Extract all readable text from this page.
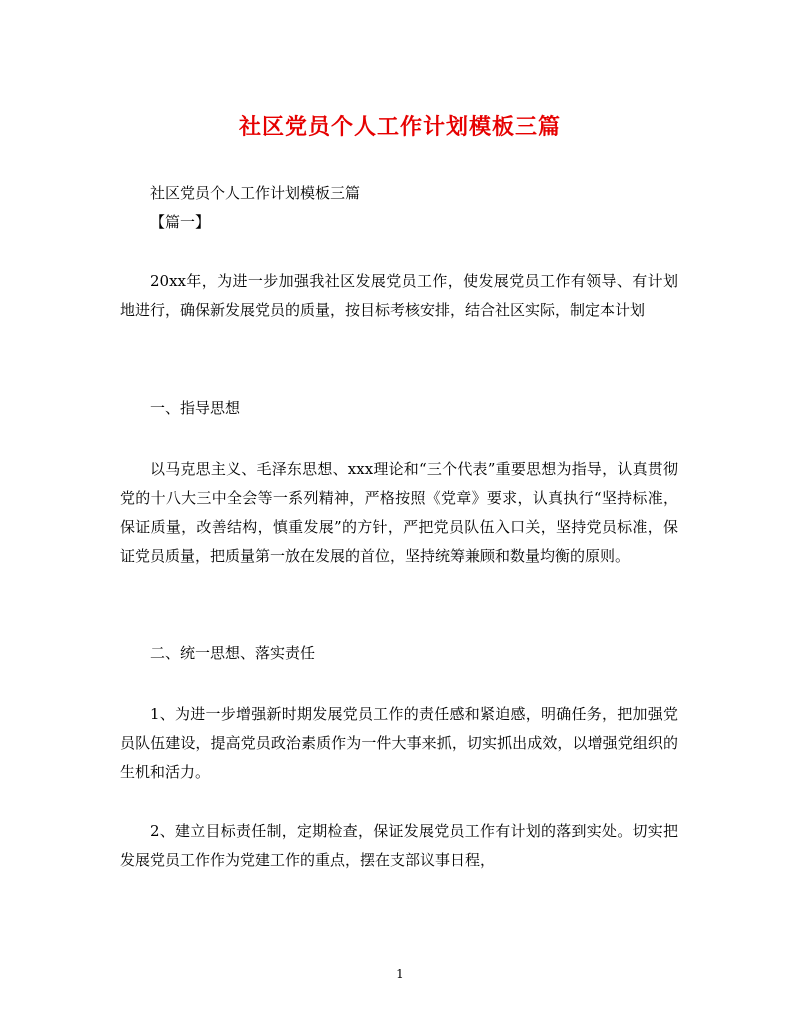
社区党员个人工作计划模板三篇
社区党员个人工作计划模板三篇
【篇一】

20xx年，为进一步加强我社区发展党员工作，使发展党员工作有领导、有计划地进行，确保新发展党员的质量，按目标考核安排，结合社区实际，制定本计划

一、指导思想

以马克思主义、毛泽东思想、xxx理论和“三个代表”重要思想为指导，认真贯彻党的十八大三中全会等一系列精神，严格按照《党章》要求，认真执行“坚持标准，保证质量，改善结构，慎重发展”的方针，严把党员队伍入口关，坚持党员标准，保证党员质量，把质量第一放在发展的首位，坚持统筹兼顾和数量均衡的原则。

二、统一思想、落实责任

1、为进一步增强新时期发展党员工作的责任感和紧迫感，明确任务，把加强党员队伍建设，提高党员政治素质作为一件大事来抓，切实抓出成效，以增强党组织的生机和活力。

2、建立目标责任制，定期检查，保证发展党员工作有计划的落到实处。切实把发展党员工作作为党建工作的重点，摆在支部议事日程，

1
